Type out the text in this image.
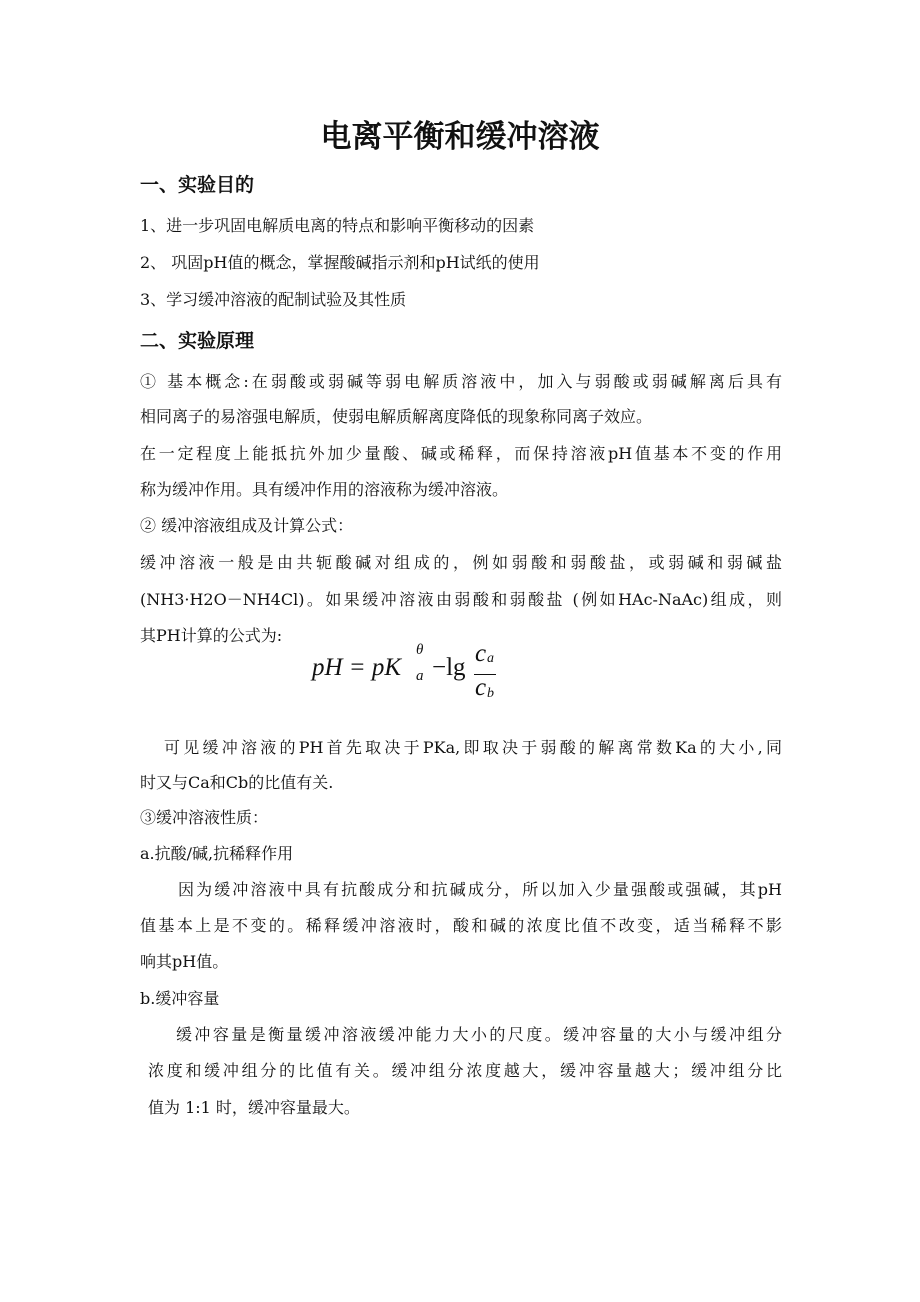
电离平衡和缓冲溶液
一、实验目的

1、进一步巩固电解质电离的特点和影响平衡移动的因素

2、 巩固pH值的概念，掌握酸碱指示剂和pH试纸的使用

3、学习缓冲溶液的配制试验及其性质

二、实验原理

① 基本概念:在弱酸或弱碱等弱电解质溶液中，加入与弱酸或弱碱解离后具有

相同离子的易溶强电解质，使弱电解质解离度降低的现象称同离子效应。

在一定程度上能抵抗外加少量酸、碱或稀释，而保持溶液pH值基本不变的作用

称为缓冲作用。具有缓冲作用的溶液称为缓冲溶液。

② 缓冲溶液组成及计算公式：

缓冲溶液一般是由共轭酸碱对组成的，例如弱酸和弱酸盐，或弱碱和弱碱盐

(NH3·H2O－NH4Cl)。如果缓冲溶液由弱酸和弱酸盐 (例如HAc-NaAc)组成，则

其PH计算的公式为:

pH = pK a
θ
−lg
c a
c b

可见缓冲溶液的PH首先取决于PKa,即取决于弱酸的解离常数Ka的大小,同

时又与Ca和Cb的比值有关.

③缓冲溶液性质：

a.抗酸/碱,抗稀释作用

因为缓冲溶液中具有抗酸成分和抗碱成分，所以加入少量强酸或强碱，其pH

值基本上是不变的。稀释缓冲溶液时，酸和碱的浓度比值不改变，适当稀释不影

响其pH值。

b.缓冲容量

缓冲容量是衡量缓冲溶液缓冲能力大小的尺度。缓冲容量的大小与缓冲组分

浓度和缓冲组分的比值有关。缓冲组分浓度越大，缓冲容量越大；缓冲组分比

值为 1:1 时，缓冲容量最大。
